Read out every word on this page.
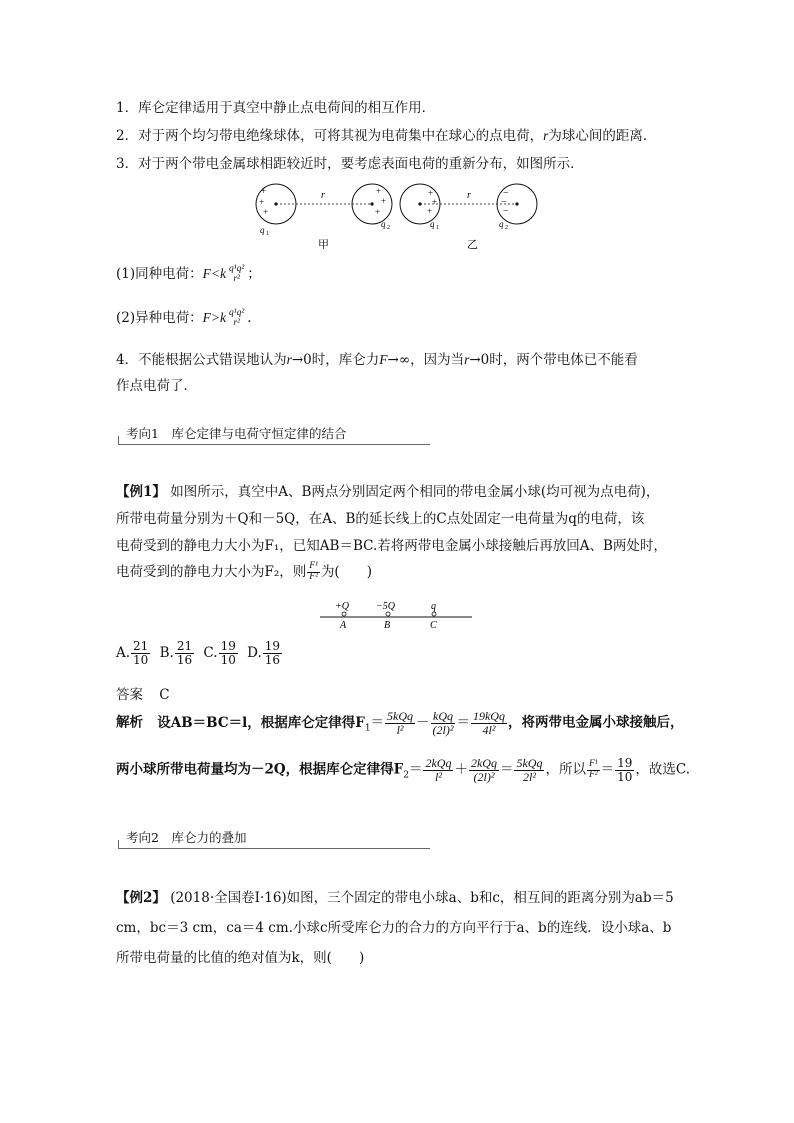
1．库仑定律适用于真空中静止点电荷间的相互作用．
2．对于两个均匀带电绝缘球体，可将其视为电荷集中在球心的点电荷，r为球心间的距离．
3．对于两个带电金属球相距较近时，要考虑表面电荷的重新分布，如图所示．
+
+
+
+
+
+
r
q 1
q 2
+
+
+
−
−
−
r
q 1	q 2
甲	乙
(1)同种电荷：F<k q¹q²
r² ；
(2)异种电荷：F>k q¹q²
r² .
4．不能根据公式错误地认为r→0时，库仑力F→∞，因为当r→0时，两个带电体已不能看
作点电荷了．
考向1　库仑定律与电荷守恒定律的结合
【例1】 如图所示，真空中A、B两点分别固定两个相同的带电金属小球(均可视为点电荷)，
所带电荷量分别为＋Q和－5Q，在A、B的延长线上的C点处固定一电荷量为q的电荷，该
电荷受到的静电力大小为F₁，已知AB＝BC.若将两带电金属小球接触后再放回A、B两处时，
电荷受到的静电力大小为F₂，则 $\frac{\text{F¹}}{\text{F²}}$ 为(　　)
+Q	−5Q	q
A	B	C
A. $\frac{21}{10} B$. $\frac{21}{16} C$. $\frac{19}{10} D$. $\frac{19}{16}$
答案 C
解析 设AB＝BC＝l，根据库仑定律得$F_1= \frac{\text{5kQq}}{\text{l²}} - \frac{\text{kQq}}{\text{(2l)²}} = \frac{\text{19kQq}}{\text{4l²}}$ ，将两带电金属小球接触后，
两小球所带电荷量均为－2Q，根据库仑定律得$F_2= \frac{\text{2kQq}}{\text{l²}} + \frac{\text{2kQq}}{\text{(2l)²}} = \frac{\text{5kQq}}{\text{2l²}}$ ，所以 $\frac{\text{F¹}}{\text{F²}} = \frac{19}{10}$ ，故选C.
考向2　库仑力的叠加
【例2】 (2018·全国卷Ⅰ·16)如图，三个固定的带电小球a、b和c，相互间的距离分别为ab＝5
cm，bc＝3 cm，ca＝4 cm.小球c所受库仑力的合力的方向平行于a、b的连线．设小球a、b
所带电荷量的比值的绝对值为k，则(　　)
